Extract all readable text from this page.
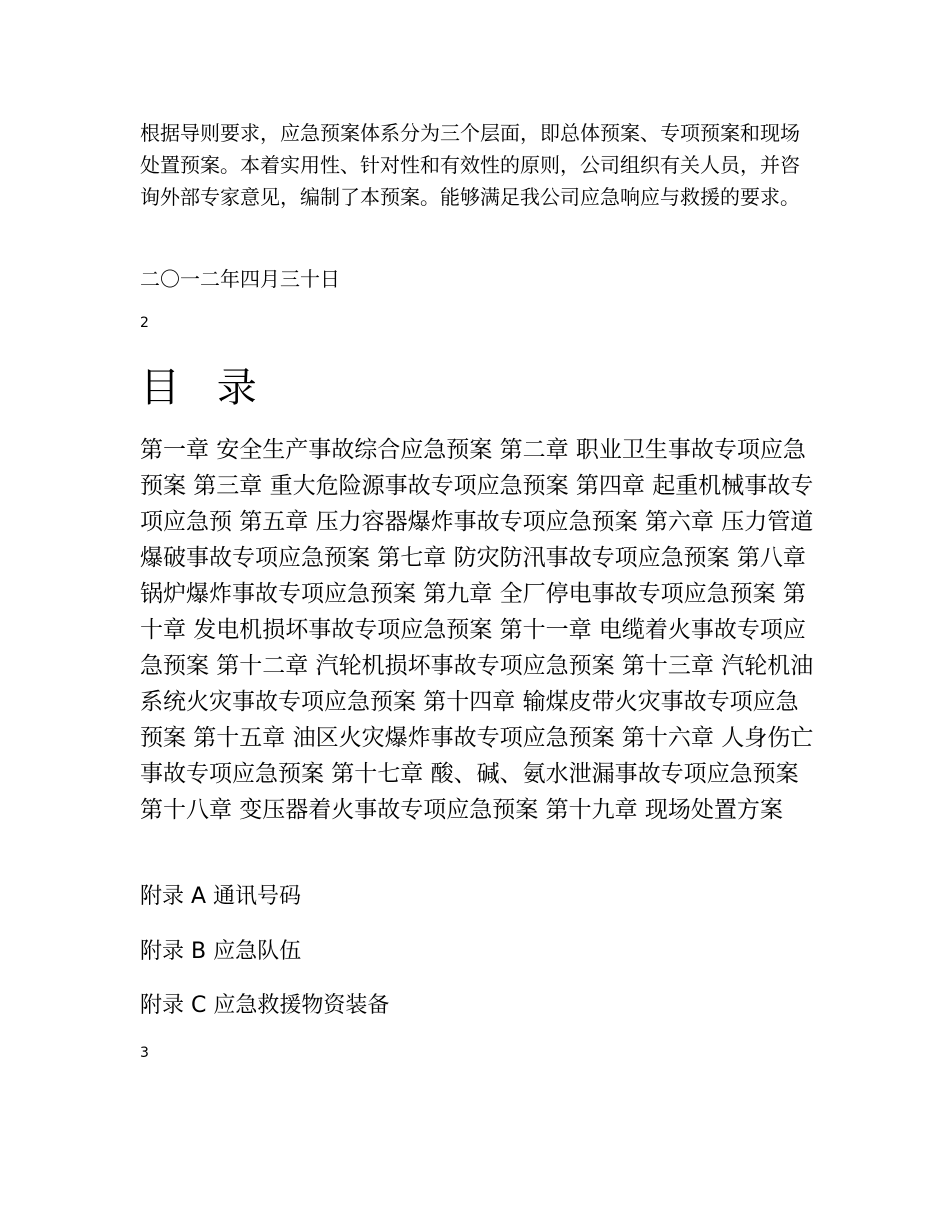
根据导则要求，应急预案体系分为三个层面，即总体预案、专项预案和现场处置预案。本着实用性、针对性和有效性的原则，公司组织有关人员，并咨询外部专家意见，编制了本预案。能够满足我公司应急响应与救援的要求。

二〇一二年四月三十日

2

目 录

第一章 安全生产事故综合应急预案 第二章 职业卫生事故专项应急预案 第三章 重大危险源事故专项应急预案 第四章 起重机械事故专项应急预 第五章 压力容器爆炸事故专项应急预案 第六章 压力管道爆破事故专项应急预案 第七章 防灾防汛事故专项应急预案 第八章 锅炉爆炸事故专项应急预案 第九章 全厂停电事故专项应急预案 第十章 发电机损坏事故专项应急预案 第十一章 电缆着火事故专项应急预案 第十二章 汽轮机损坏事故专项应急预案 第十三章 汽轮机油系统火灾事故专项应急预案 第十四章 输煤皮带火灾事故专项应急预案 第十五章 油区火灾爆炸事故专项应急预案 第十六章 人身伤亡事故专项应急预案 第十七章 酸、碱、氨水泄漏事故专项应急预案 第十八章 变压器着火事故专项应急预案 第十九章 现场处置方案

附录 A 通讯号码

附录 B 应急队伍

附录 C 应急救援物资装备

3
